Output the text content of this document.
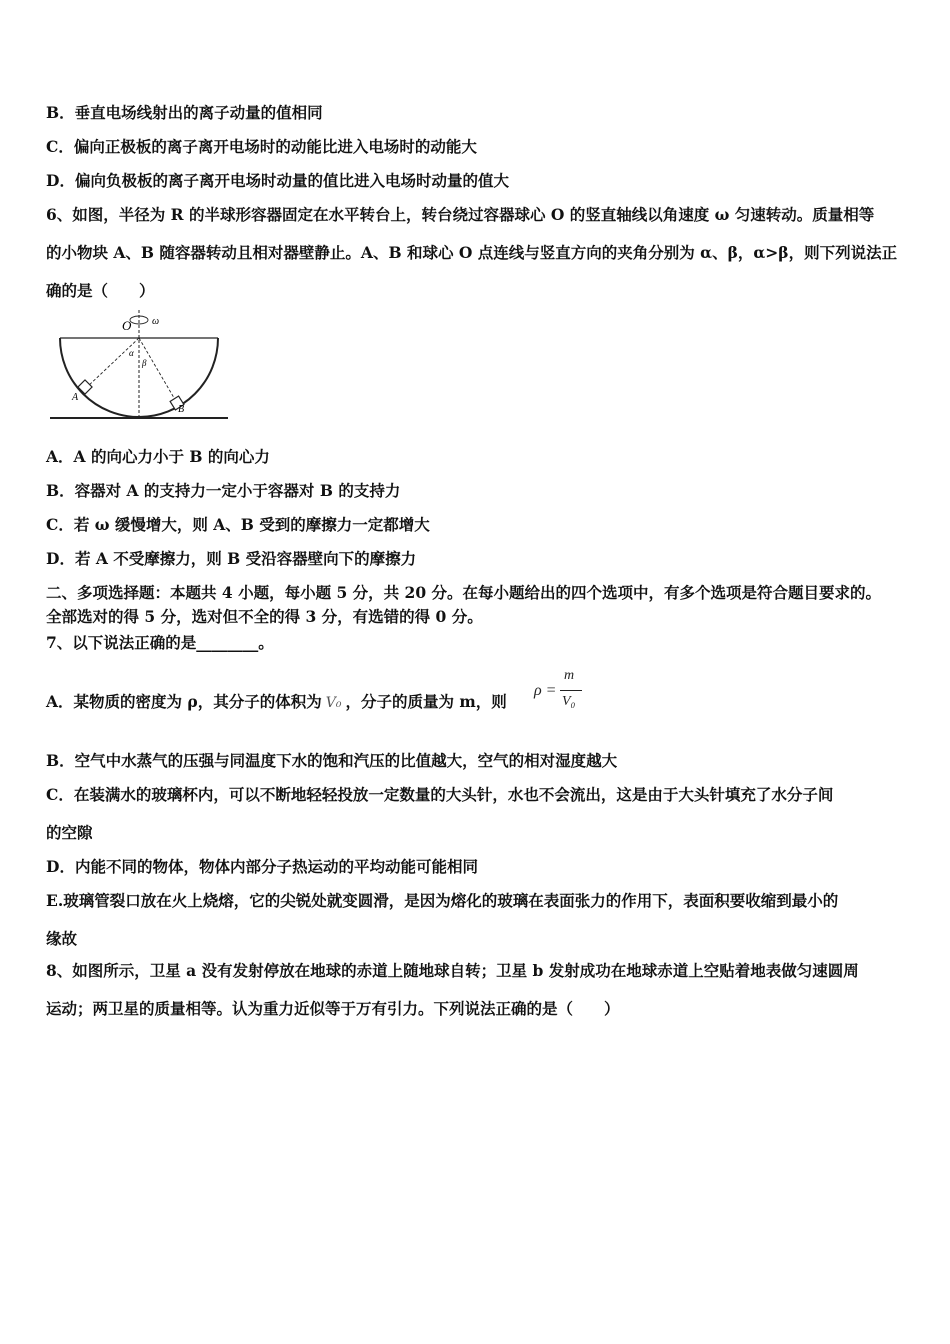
B．垂直电场线射出的离子动量的值相同
C．偏向正极板的离子离开电场时的动能比进入电场时的动能大
D．偏向负极板的离子离开电场时动量的值比进入电场时动量的值大
6、如图，半径为 R 的半球形容器固定在水平转台上，转台绕过容器球心 O 的竖直轴线以角速度 ω 匀速转动。质量相等
的小物块 A、B 随容器转动且相对器壁静止。A、B 和球心 O 点连线与竖直方向的夹角分别为 α、β，α>β，则下列说法正
确的是（　　）
O ω
α
β
A
B
A．A 的向心力小于 B 的向心力
B．容器对 A 的支持力一定小于容器对 B 的支持力
C．若 ω 缓慢增大，则 A、B 受到的摩擦力一定都增大
D．若 A 不受摩擦力，则 B 受沿容器壁向下的摩擦力
二、多项选择题：本题共 4 小题，每小题 5 分，共 20 分。在每小题给出的四个选项中，有多个选项是符合题目要求的。
全部选对的得 5 分，选对但不全的得 3 分，有选错的得 0 分。
7、以下说法正确的是________。
A．某物质的密度为 ρ，其分子的体积为 V₀ ，分子的质量为 m，则
ρ =
m
V₀
B．空气中水蒸气的压强与同温度下水的饱和汽压的比值越大，空气的相对湿度越大
C．在装满水的玻璃杯内，可以不断地轻轻投放一定数量的大头针，水也不会流出，这是由于大头针填充了水分子间
的空隙
D．内能不同的物体，物体内部分子热运动的平均动能可能相同
E.玻璃管裂口放在火上烧熔，它的尖锐处就变圆滑，是因为熔化的玻璃在表面张力的作用下，表面积要收缩到最小的
缘故
8、如图所示，卫星 a 没有发射停放在地球的赤道上随地球自转；卫星 b 发射成功在地球赤道上空贴着地表做匀速圆周
运动；两卫星的质量相等。认为重力近似等于万有引力。下列说法正确的是（　　）
